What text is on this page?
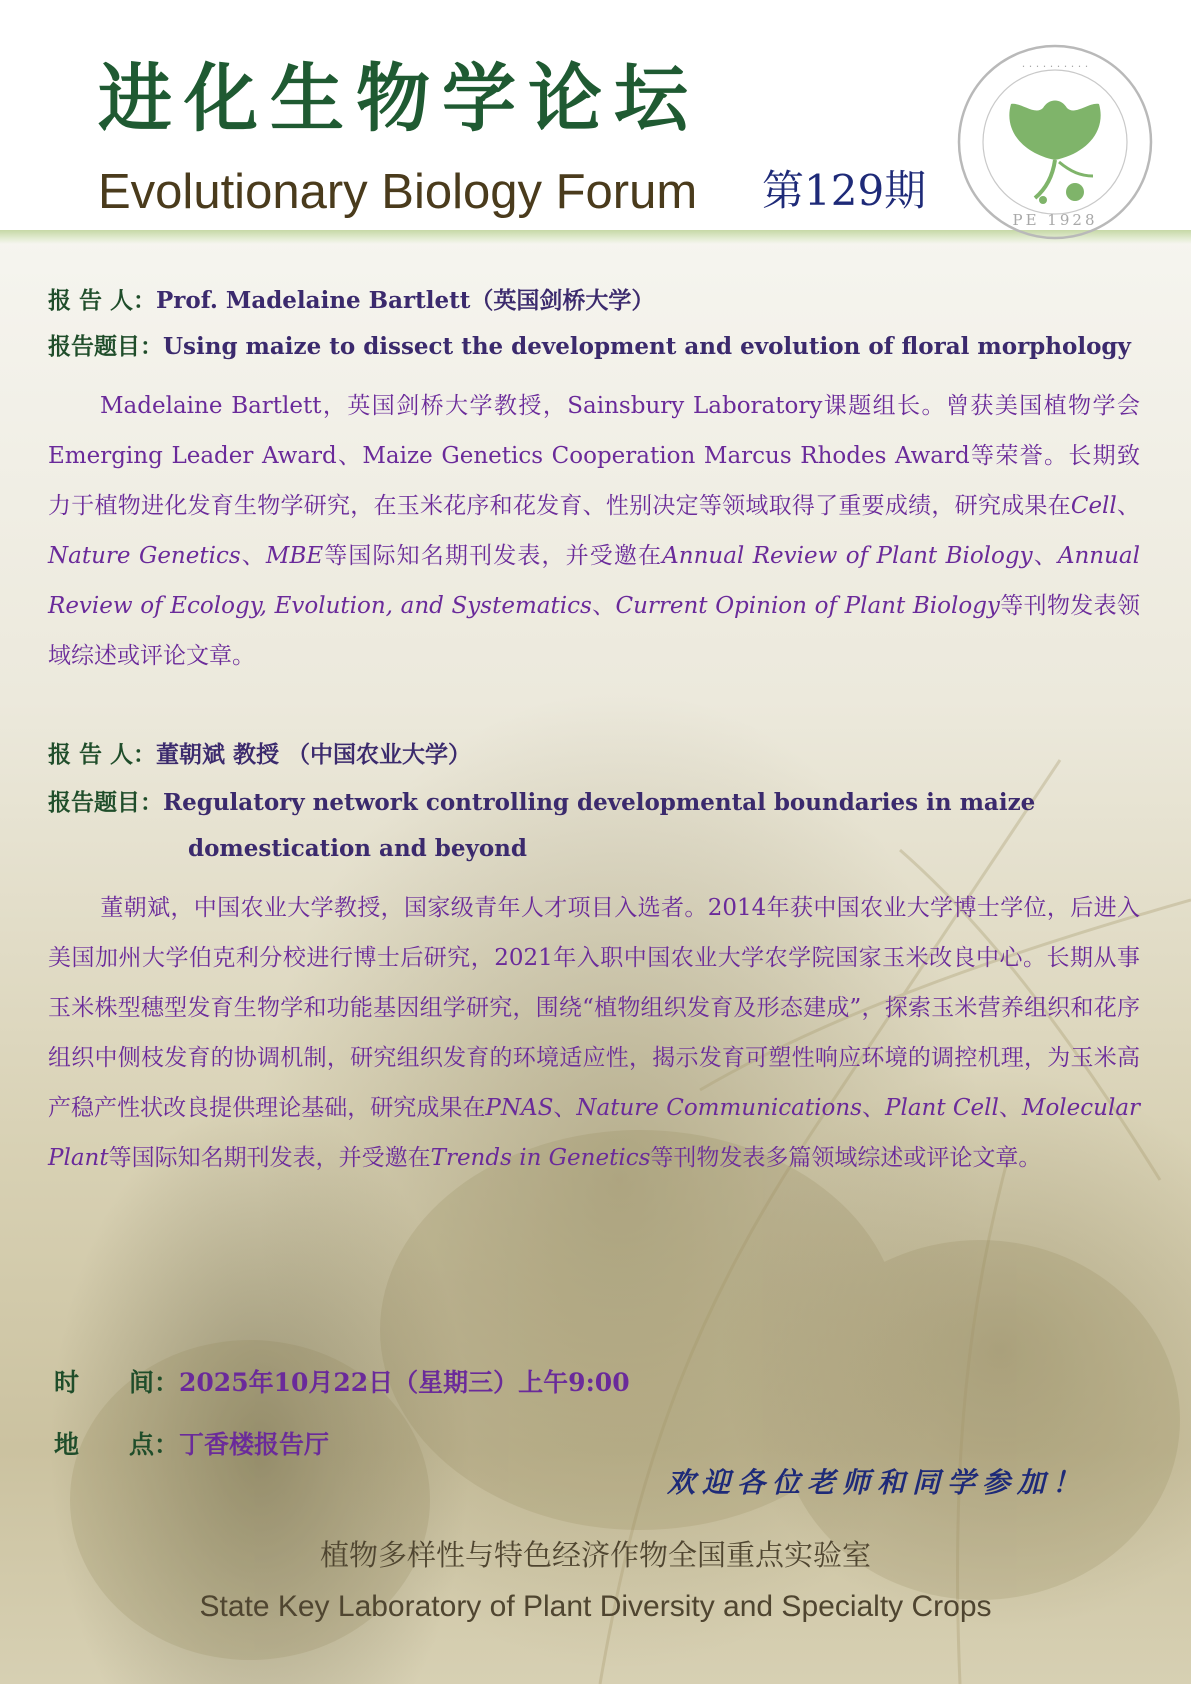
进化生物学论坛
Evolutionary Biology Forum 第129期
PE 1928
· · · · · · · · · ·
报 告 人：Prof. Madelaine Bartlett（英国剑桥大学）
报告题目：Using maize to dissect the development and evolution of floral morphology

Madelaine Bartlett，英国剑桥大学教授，Sainsbury Laboratory课题组长。曾获美国植物学会Emerging Leader Award、Maize Genetics Cooperation Marcus Rhodes Award等荣誉。长期致力于植物进化发育生物学研究，在玉米花序和花发育、性别决定等领域取得了重要成绩，研究成果在Cell、Nature Genetics、MBE等国际知名期刊发表，并受邀在Annual Review of Plant Biology、Annual Review of Ecology, Evolution, and Systematics、Current Opinion of Plant Biology等刊物发表领域综述或评论文章。

报 告 人：董朝斌 教授 （中国农业大学）
报告题目：Regulatory network controlling developmental boundaries in maize
domestication and beyond

董朝斌，中国农业大学教授，国家级青年人才项目入选者。2014年获中国农业大学博士学位，后进入美国加州大学伯克利分校进行博士后研究，2021年入职中国农业大学农学院国家玉米改良中心。长期从事玉米株型穗型发育生物学和功能基因组学研究，围绕“植物组织发育及形态建成”，探索玉米营养组织和花序组织中侧枝发育的协调机制，研究组织发育的环境适应性，揭示发育可塑性响应环境的调控机理，为玉米高产稳产性状改良提供理论基础，研究成果在PNAS、Nature Communications、Plant Cell、Molecular Plant等国际知名期刊发表，并受邀在Trends in Genetics等刊物发表多篇领域综述或评论文章。

时　　间：2025年10月22日（星期三）上午9:00
地　　点：丁香楼报告厅
欢迎各位老师和同学参加！
植物多样性与特色经济作物全国重点实验室
State Key Laboratory of Plant Diversity and Specialty Crops
